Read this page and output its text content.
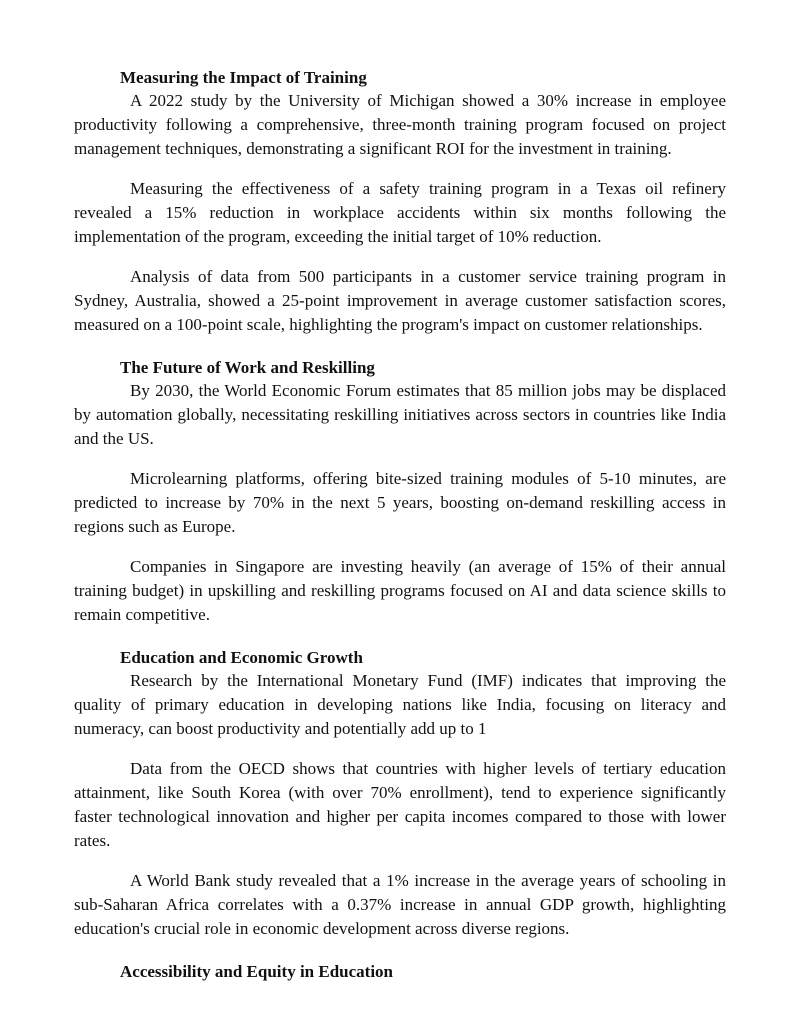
Measuring the Impact of Training

A 2022 study by the University of Michigan showed a 30% increase in employee productivity following a comprehensive, three-month training program focused on project management techniques, demonstrating a significant ROI for the investment in training.

Measuring the effectiveness of a safety training program in a Texas oil refinery revealed a 15% reduction in workplace accidents within six months following the implementation of the program, exceeding the initial target of 10% reduction.

Analysis of data from 500 participants in a customer service training program in Sydney, Australia, showed a 25-point improvement in average customer satisfaction scores, measured on a 100-point scale, highlighting the program's impact on customer relationships.

The Future of Work and Reskilling

By 2030, the World Economic Forum estimates that 85 million jobs may be displaced by automation globally, necessitating reskilling initiatives across sectors in countries like India and the US.

Microlearning platforms, offering bite-sized training modules of 5-10 minutes, are predicted to increase by 70% in the next 5 years, boosting on-demand reskilling access in regions such as Europe.

Companies in Singapore are investing heavily (an average of 15% of their annual training budget) in upskilling and reskilling programs focused on AI and data science skills to remain competitive.

Education and Economic Growth

Research by the International Monetary Fund (IMF) indicates that improving the quality of primary education in developing nations like India, focusing on literacy and numeracy, can boost productivity and potentially add up to 1

Data from the OECD shows that countries with higher levels of tertiary education attainment, like South Korea (with over 70% enrollment), tend to experience significantly faster technological innovation and higher per capita incomes compared to those with lower rates.

A World Bank study revealed that a 1% increase in the average years of schooling in sub-Saharan Africa correlates with a 0.37% increase in annual GDP growth, highlighting education's crucial role in economic development across diverse regions.

Accessibility and Equity in Education
